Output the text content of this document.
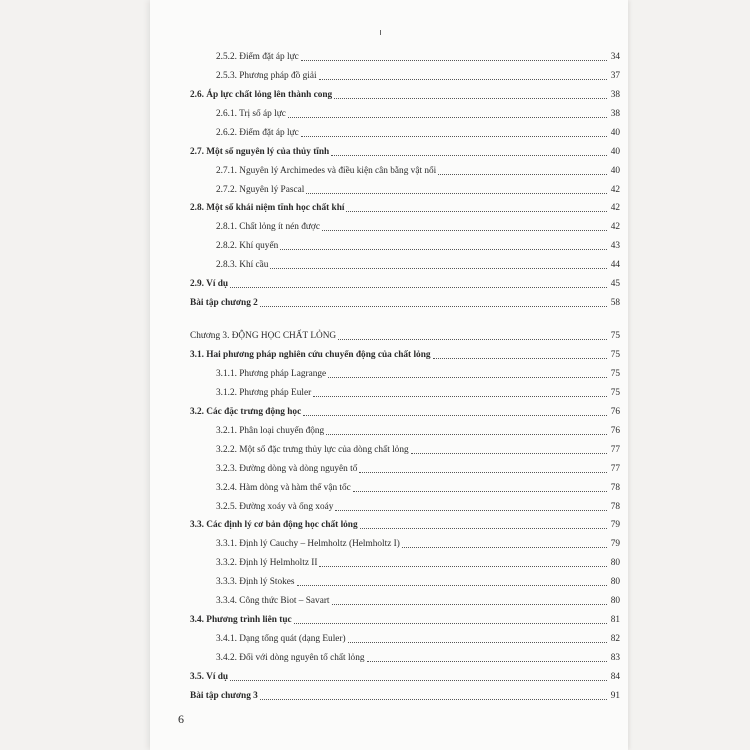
2.5.2. Điểm đặt áp lực	34
2.5.3. Phương pháp đồ giải	37
2.6. Áp lực chất lỏng lên thành cong	38
2.6.1. Trị số áp lực	38
2.6.2. Điểm đặt áp lực	40
2.7. Một số nguyên lý của thủy tĩnh	40
2.7.1. Nguyên lý Archimedes và điều kiện cân bằng vật nổi	40
2.7.2. Nguyên lý Pascal	42
2.8. Một số khái niệm tĩnh học chất khí	42
2.8.1. Chất lỏng ít nén được	42
2.8.2. Khí quyển	43
2.8.3. Khí cầu	44
2.9. Ví dụ	45
Bài tập chương 2	58
Chương 3. ĐỘNG HỌC CHẤT LỎNG	75
3.1. Hai phương pháp nghiên cứu chuyển động của chất lỏng	75
3.1.1. Phương pháp Lagrange	75
3.1.2. Phương pháp Euler	75
3.2. Các đặc trưng động học	76
3.2.1. Phân loại chuyển động	76
3.2.2. Một số đặc trưng thủy lực của dòng chất lỏng	77
3.2.3. Đường dòng và dòng nguyên tố	77
3.2.4. Hàm dòng và hàm thế vận tốc	78
3.2.5. Đường xoáy và ống xoáy	78
3.3. Các định lý cơ bản động học chất lỏng	79
3.3.1. Định lý Cauchy – Helmholtz (Helmholtz I)	79
3.3.2. Định lý Helmholtz II	80
3.3.3. Định lý Stokes	80
3.3.4. Công thức Biot – Savart	80
3.4. Phương trình liên tục	81
3.4.1. Dạng tổng quát (dạng Euler)	82
3.4.2. Đối với dòng nguyên tố chất lỏng	83
3.5. Ví dụ	84
Bài tập chương 3	91
6
